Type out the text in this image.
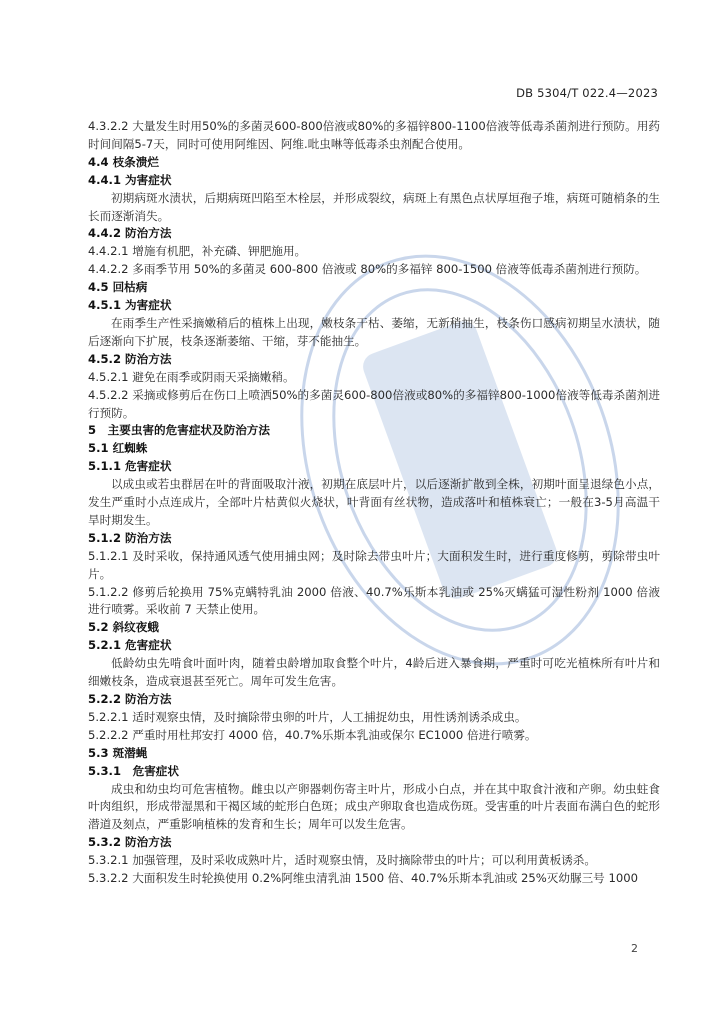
DB 5304/T 022.4—2023

4.3.2.2 大量发生时用50%的多菌灵600-800倍液或80%的多福锌800-1100倍液等低毒杀菌剂进行预防。用药时间间隔5-7天，同时可使用阿维因、阿维.吡虫啉等低毒杀虫剂配合使用。

4.4 枝条溃烂

4.4.1 为害症状

初期病斑水渍状，后期病斑凹陷至木栓层，并形成裂纹，病斑上有黑色点状厚垣孢子堆，病斑可随梢条的生长而逐渐消失。

4.4.2 防治方法

4.4.2.1 增施有机肥，补充磷、钾肥施用。

4.4.2.2 多雨季节用 50%的多菌灵 600-800 倍液或 80%的多福锌 800-1500 倍液等低毒杀菌剂进行预防。

4.5 回枯病

4.5.1 为害症状

在雨季生产性采摘嫩稍后的植株上出现，嫩枝条干枯、萎缩，无新稍抽生，枝条伤口感病初期呈水渍状，随后逐渐向下扩展，枝条逐渐萎缩、干缩，芽不能抽生。

4.5.2 防治方法

4.5.2.1 避免在雨季或阴雨天采摘嫩稍。

4.5.2.2 采摘或修剪后在伤口上喷洒50%的多菌灵600-800倍液或80%的多福锌800-1000倍液等低毒杀菌剂进行预防。

5　主要虫害的危害症状及防治方法

5.1 红蜘蛛

5.1.1 危害症状

以成虫或若虫群居在叶的背面吸取汁液，初期在底层叶片，以后逐渐扩散到全株，初期叶面呈退绿色小点，发生严重时小点连成片，全部叶片枯黄似火烧状，叶背面有丝状物，造成落叶和植株衰亡；一般在3-5月高温干旱时期发生。

5.1.2 防治方法

5.1.2.1 及时采收，保持通风透气使用捕虫网；及时除去带虫叶片；大面积发生时，进行重度修剪，剪除带虫叶片。

5.1.2.2 修剪后轮换用 75%克螨特乳油 2000 倍液、40.7%乐斯本乳油或 25%灭螨猛可湿性粉剂 1000 倍液进行喷雾。采收前 7 天禁止使用。

5.2 斜纹夜蛾

5.2.1 危害症状

低龄幼虫先啃食叶面叶肉，随着虫龄增加取食整个叶片，4龄后进入暴食期，严重时可吃光植株所有叶片和细嫩枝条，造成衰退甚至死亡。周年可发生危害。

5.2.2 防治方法

5.2.2.1 适时观察虫情，及时摘除带虫卵的叶片，人工捕捉幼虫，用性诱剂诱杀成虫。

5.2.2.2 严重时用杜邦安打 4000 倍，40.7%乐斯本乳油或保尔 EC1000 倍进行喷雾。

5.3 斑潜蝇

5.3.1　危害症状

成虫和幼虫均可危害植物。雌虫以产卵器刺伤寄主叶片，形成小白点，并在其中取食汁液和产卵。幼虫蛀食叶肉组织，形成带湿黑和干褐区域的蛇形白色斑；成虫产卵取食也造成伤斑。受害重的叶片表面布满白色的蛇形潜道及刻点，严重影响植株的发育和生长；周年可以发生危害。

5.3.2 防治方法

5.3.2.1 加强管理，及时采收成熟叶片，适时观察虫情，及时摘除带虫的叶片；可以利用黄板诱杀。

5.3.2.2 大面积发生时轮换使用 0.2%阿维虫清乳油 1500 倍、40.7%乐斯本乳油或 25%灭幼脲三号 1000

2
